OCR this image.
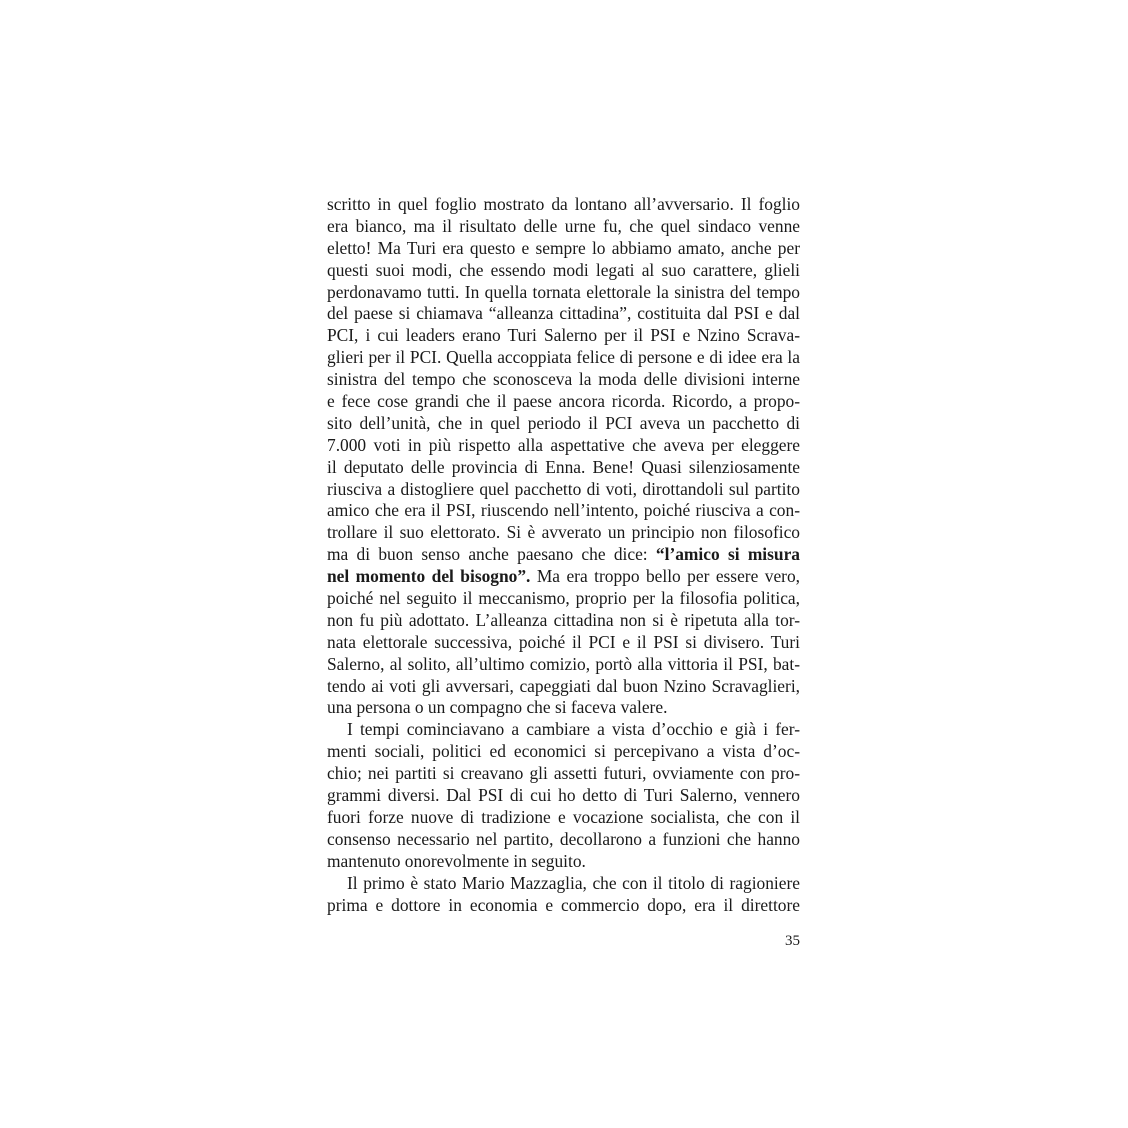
scritto in quel foglio mostrato da lontano all’avversario. Il foglio
era bianco, ma il risultato delle urne fu, che quel sindaco venne
eletto! Ma Turi era questo e sempre lo abbiamo amato, anche per
questi suoi modi, che essendo modi legati al suo carattere, glieli
perdonavamo tutti. In quella tornata elettorale la sinistra del tempo
del paese si chiamava “alleanza cittadina”, costituita dal PSI e dal
PCI, i cui leaders erano Turi Salerno per il PSI e Nzino Scrava-
glieri per il PCI. Quella accoppiata felice di persone e di idee era la
sinistra del tempo che sconosceva la moda delle divisioni interne
e fece cose grandi che il paese ancora ricorda. Ricordo, a propo-
sito dell’unità, che in quel periodo il PCI aveva un pacchetto di
7.000 voti in più rispetto alla aspettative che aveva per eleggere
il deputato delle provincia di Enna. Bene! Quasi silenziosamente
riusciva a distogliere quel pacchetto di voti, dirottandoli sul partito
amico che era il PSI, riuscendo nell’intento, poiché riusciva a con-
trollare il suo elettorato. Si è avverato un principio non filosofico
ma di buon senso anche paesano che dice: “l’amico si misura
nel momento del bisogno”. Ma era troppo bello per essere vero,
poiché nel seguito il meccanismo, proprio per la filosofia politica,
non fu più adottato. L’alleanza cittadina non si è ripetuta alla tor-
nata elettorale successiva, poiché il PCI e il PSI si divisero. Turi
Salerno, al solito, all’ultimo comizio, portò alla vittoria il PSI, bat-
tendo ai voti gli avversari, capeggiati dal buon Nzino Scravaglieri,
una persona o un compagno che si faceva valere.
I tempi cominciavano a cambiare a vista d’occhio e già i fer-
menti sociali, politici ed economici si percepivano a vista d’oc-
chio; nei partiti si creavano gli assetti futuri, ovviamente con pro-
grammi diversi. Dal PSI di cui ho detto di Turi Salerno, vennero
fuori forze nuove di tradizione e vocazione socialista, che con il
consenso necessario nel partito, decollarono a funzioni che hanno
mantenuto onorevolmente in seguito.
Il primo è stato Mario Mazzaglia, che con il titolo di ragioniere
prima e dottore in economia e commercio dopo, era il direttore
35
